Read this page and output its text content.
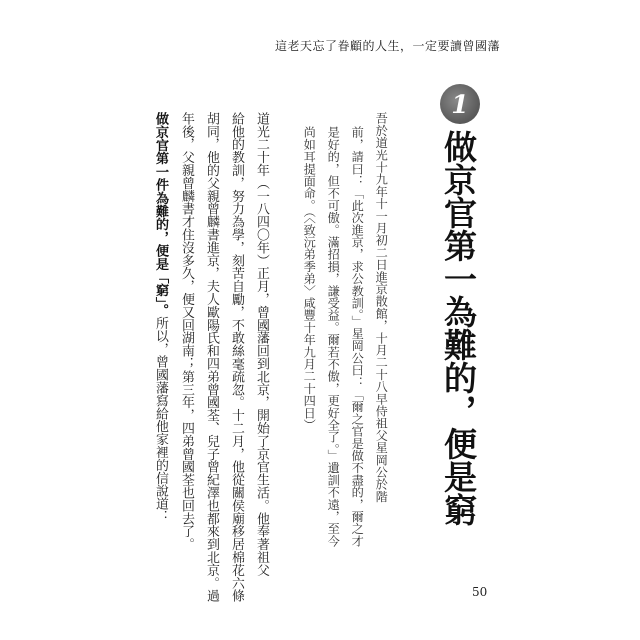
這老天忘了眷顧的人生，一定要讀曾國藩
1
做京官第一為難的，便是窮
吾於道光十九年十一月初二日進京散館，十月二十八早侍祖父星岡公於階
前，請曰：「此次進京，求公教訓。」星岡公曰：「爾之官是做不盡的，爾之才
是好的，但不可傲。滿招損，謙受益。爾若不傲，更好全了。」遺訓不遠，至今
尚如耳提面命。（〈致沅弟季弟〉咸豐十年九月二十四日）
道光二十年（一八四〇年）正月，曾國藩回到北京，開始了京官生活。他奉著祖父
給他的教訓，努力為學，刻苦自勵，不敢絲毫疏忽。十二月，他從關侯廟移居棉花六條
胡同，他的父親曾麟書進京，夫人歐陽氏和四弟曾國荃、兒子曾紀澤也都來到北京。過
年後，父親曾麟書才住沒多久，便又回湖南；第三年，四弟曾國荃也回去了。
做京官第一件為難的，便是「窮」。所以，曾國藩寫給他家裡的信說道：
50
